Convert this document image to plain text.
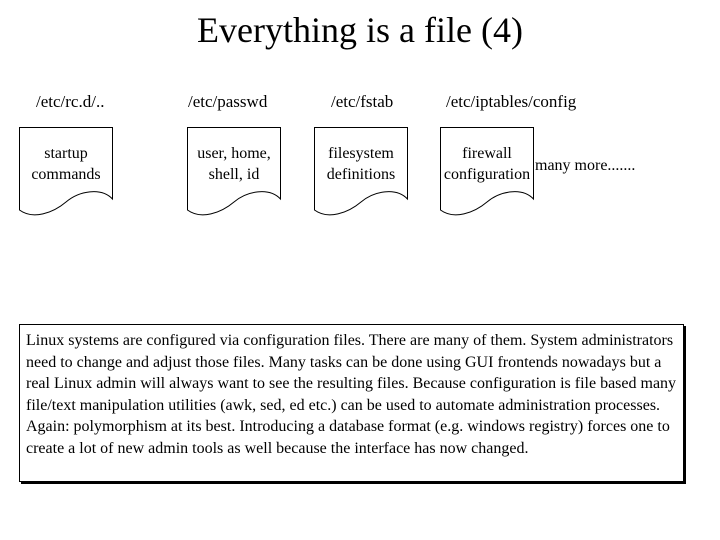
Everything is a file (4)
/etc/rc.d/..	/etc/passwd	/etc/fstab	/etc/iptables/config
startup
commands
user, home,
shell, id
filesystem
definitions
firewall
configuration
many more.......
Linux systems are configured via configuration files. There are many of them. System administrators need to change and adjust those files. Many tasks can be done using GUI frontends nowadays but a real Linux admin will always want to see the resulting files. Because configuration is file based many file/text manipulation utilities (awk, sed, ed etc.) can be used to automate administration processes. Again: polymorphism at its best. Introducing a database format (e.g. windows registry) forces one to create a lot of new admin tools as well because the interface has now changed.
